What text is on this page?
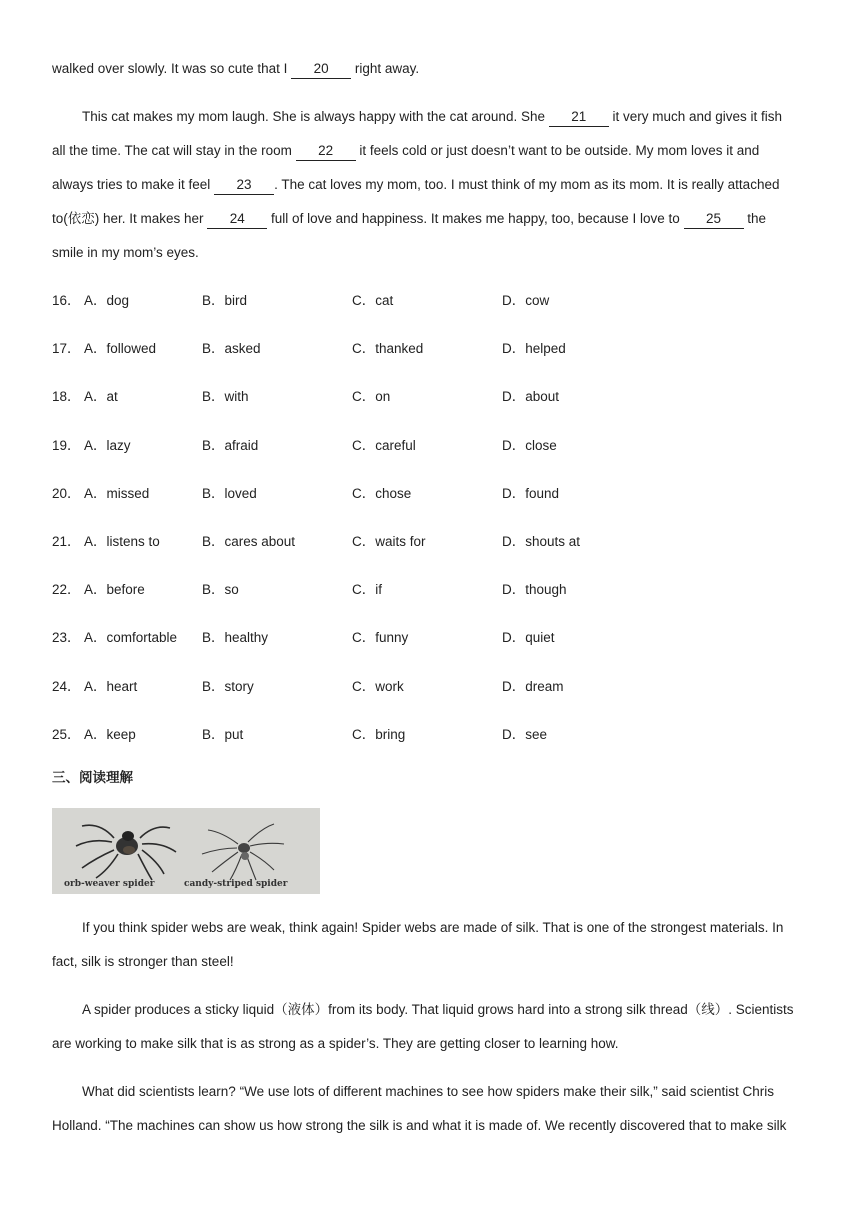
walked over slowly. It was so cute that I 20 right away.
This cat makes my mom laugh. She is always happy with the cat around. She 21 it very much and gives it fish
all the time. The cat will stay in the room 22 it feels cold or just doesn’t want to be outside. My mom loves it and
always tries to make it feel 23 . The cat loves my mom, too. I must think of my mom as its mom. It is really attached
to(依恋) her. It makes her 24 full of love and happiness. It makes me happy, too, because I love to 25 the
smile in my mom’s eyes.
16． A．dog	B．bird	C．cat	D．cow
17． A．followed	B．asked	C．thanked	D．helped
18． A．at	B．with	C．on	D．about
19． A．lazy	B．afraid	C．careful	D．close
20． A．missed	B．loved	C．chose	D．found
21． A．listens to	B．cares about	C．waits for	D．shouts at
22． A．before	B．so	C．if	D．though
23． A．comfortable B．healthy	C．funny	D．quiet
24． A．heart	B．story	C．work	D．dream
25． A．keep	B．put	C．bring	D．see
三、阅读理解
orb-weaver spider	candy-striped spider
If you think spider webs are weak, think again! Spider webs are made of silk. That is one of the strongest materials. In
fact, silk is stronger than steel!
A spider produces a sticky liquid（液体）from its body. That liquid grows hard into a strong silk thread（线）. Scientists
are working to make silk that is as strong as a spider’s. They are getting closer to learning how.
What did scientists learn? “We use lots of different machines to see how spiders make their silk,” said scientist Chris
Holland. “The machines can show us how strong the silk is and what it is made of. We recently discovered that to make silk
